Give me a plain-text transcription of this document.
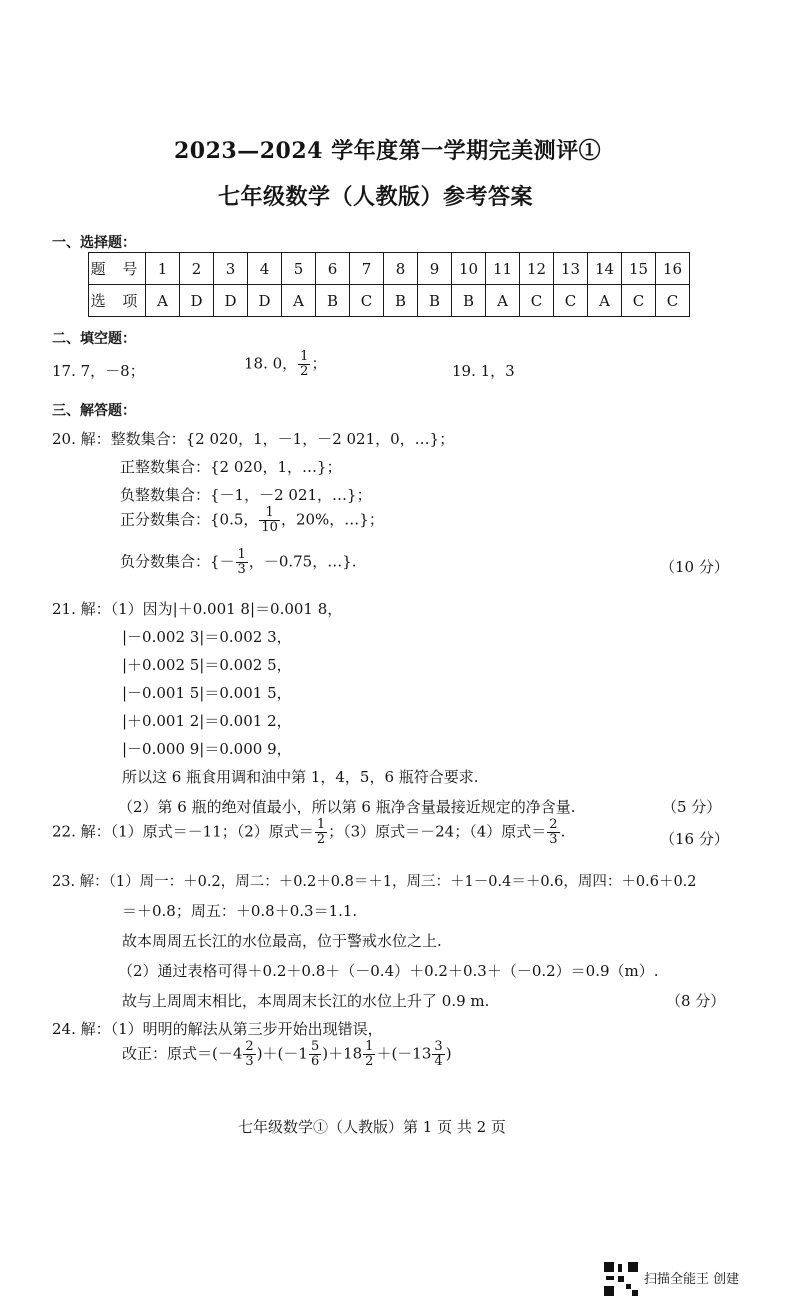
2023—2024 学年度第一学期完美测评①
七年级数学（人教版）参考答案
一、选择题：
题 号	1	2	3	4	5	6	7	8	9	10	11	12	13	14	15	16
选 项	A	D	D	D	A	B	C	B	B	B	A	C	C	A	C	C
二、填空题：
17. 7，－8；	18. 0， $\frac{1}{2}$ ；	19. 1，3
三、解答题：
20. 解：整数集合：{2 020，1，－1，－2 021，0，…}；
正整数集合：{2 020，1，…}；
负整数集合：{－1，－2 021，…}；
正分数集合：{0.5， $\frac{1}{10}$ ，20%，…}；
负分数集合：{－ $\frac{1}{3}$ ，－0.75，…}.	（10 分）
21. 解：（1）因为|＋0.001 8|＝0.001 8，
|－0.002 3|＝0.002 3，
|＋0.002 5|＝0.002 5，
|－0.001 5|＝0.001 5，
|＋0.001 2|＝0.001 2，
|－0.000 9|＝0.000 9，
所以这 6 瓶食用调和油中第 1，4，5，6 瓶符合要求.
（2）第 6 瓶的绝对值最小，所以第 6 瓶净含量最接近规定的净含量.	（5 分）
22. 解：（1）原式＝－11；（2）原式＝ $\frac{1}{2}$ ；（3）原式＝－24；（4）原式＝ $\frac{2}{3}$ .	（16 分）
23. 解：（1）周一：＋0.2，周二：＋0.2＋0.8＝＋1，周三：＋1－0.4＝＋0.6，周四：＋0.6＋0.2
＝＋0.8；周五：＋0.8＋0.3＝1.1.
故本周周五长江的水位最高，位于警戒水位之上.
（2）通过表格可得＋0.2＋0.8＋（－0.4）＋0.2＋0.3＋（－0.2）＝0.9（m）.
故与上周周末相比，本周周末长江的水位上升了 0.9 m.	（8 分）
24. 解：（1）明明的解法从第三步开始出现错误，
改正：原式$=(-4 \frac{2}{3} )+(-1 \frac{5}{6} )+18 \frac{1}{2} +(-13 \frac{3}{4}$ )
七年级数学①（人教版）第 1 页 共 2 页
扫描全能王 创建
